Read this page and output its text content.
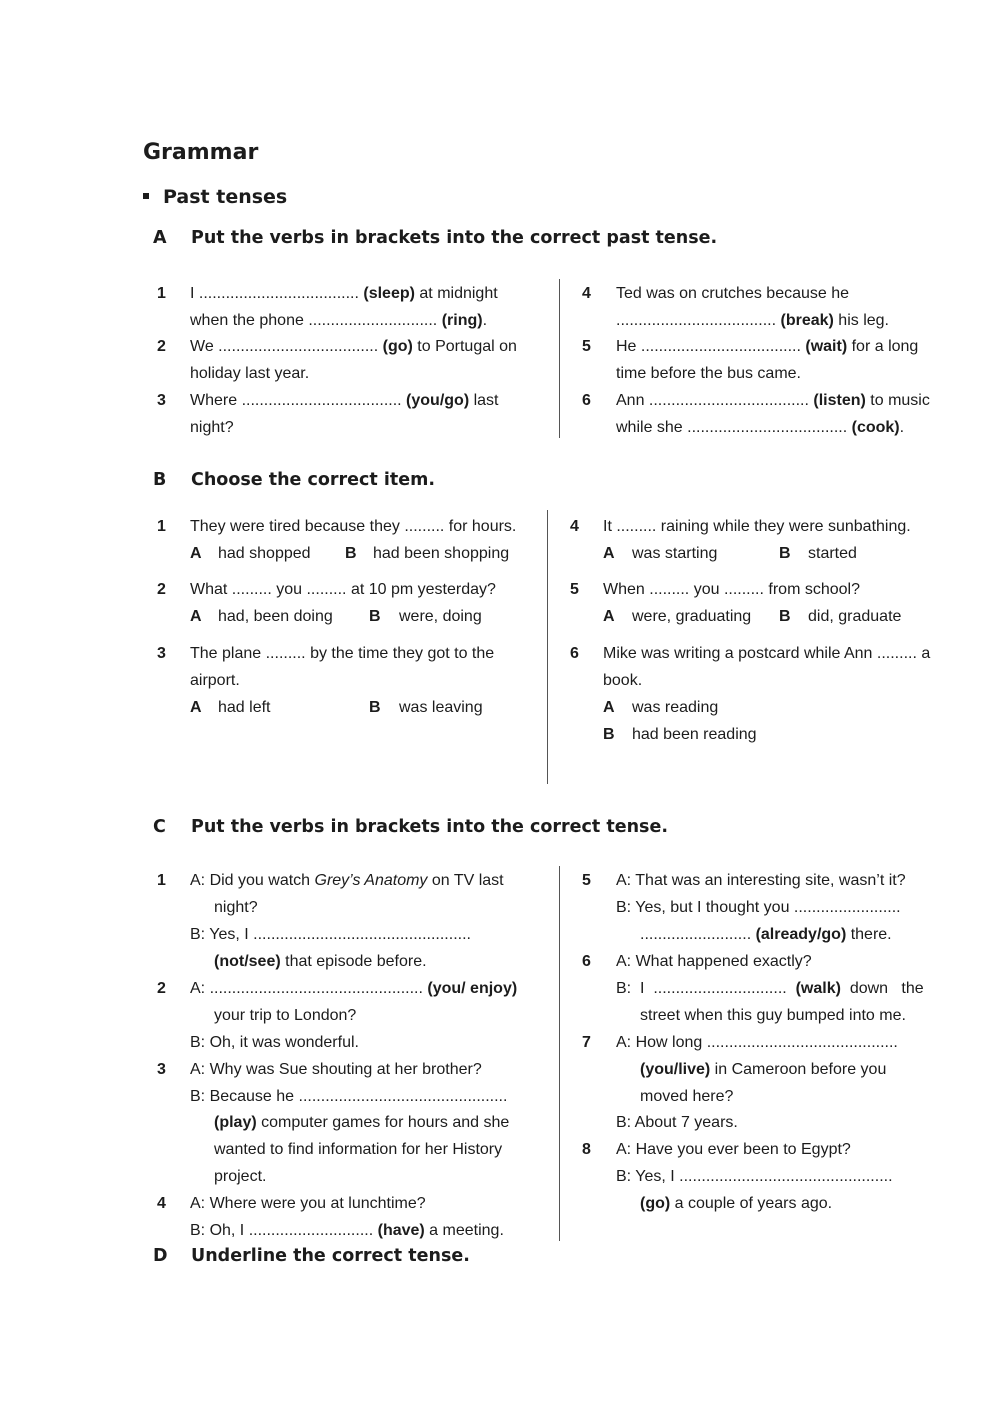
Grammar
Past tenses
A Put the verbs in brackets into the correct past tense.
1 I .................................... (sleep) at midnight
when the phone ............................. (ring).
2 We .................................... (go) to Portugal on
holiday last year.
3 Where .................................... (you/go) last
night?
4 Ted was on crutches because he
.................................... (break) his leg.
5 He .................................... (wait) for a long
time before the bus came.
6 Ann .................................... (listen) to music
while she .................................... (cook).
B Choose the correct item.
1 They were tired because they ......... for hours.
A had shopped B had been shopping
2 What ......... you ......... at 10 pm yesterday?
A had, been doing B were, doing
3 The plane ......... by the time they got to the
airport.
A had left	B was leaving
4 It ......... raining while they were sunbathing.
A was starting	B started
5 When ......... you ......... from school?
A were, graduating B did, graduate
6 Mike was writing a postcard while Ann ......... a
book.
A was reading
B had been reading
C Put the verbs in brackets into the correct tense.
1 A: Did you watch Grey’s Anatomy on TV last
night?
B: Yes, I .................................................
(not/see) that episode before.
2 A: ................................................ (you/ enjoy)
your trip to London?
B: Oh, it was wonderful.
3 A: Why was Sue shouting at her brother?
B: Because he ...............................................
(play) computer games for hours and she
wanted to find information for her History
project.
4 A: Where were you at lunchtime?
B: Oh, I ............................ (have) a meeting.
5 A: That was an interesting site, wasn’t it?
B: Yes, but I thought you ........................
......................... (already/go) there.
6 A: What happened exactly?
B:  I  ..............................  (walk)  down   the
street when this guy bumped into me.
7 A: How long ...........................................
(you/live) in Cameroon before you
moved here?
B: About 7 years.
8 A: Have you ever been to Egypt?
B: Yes, I ................................................
(go) a couple of years ago.
D Underline the correct tense.
